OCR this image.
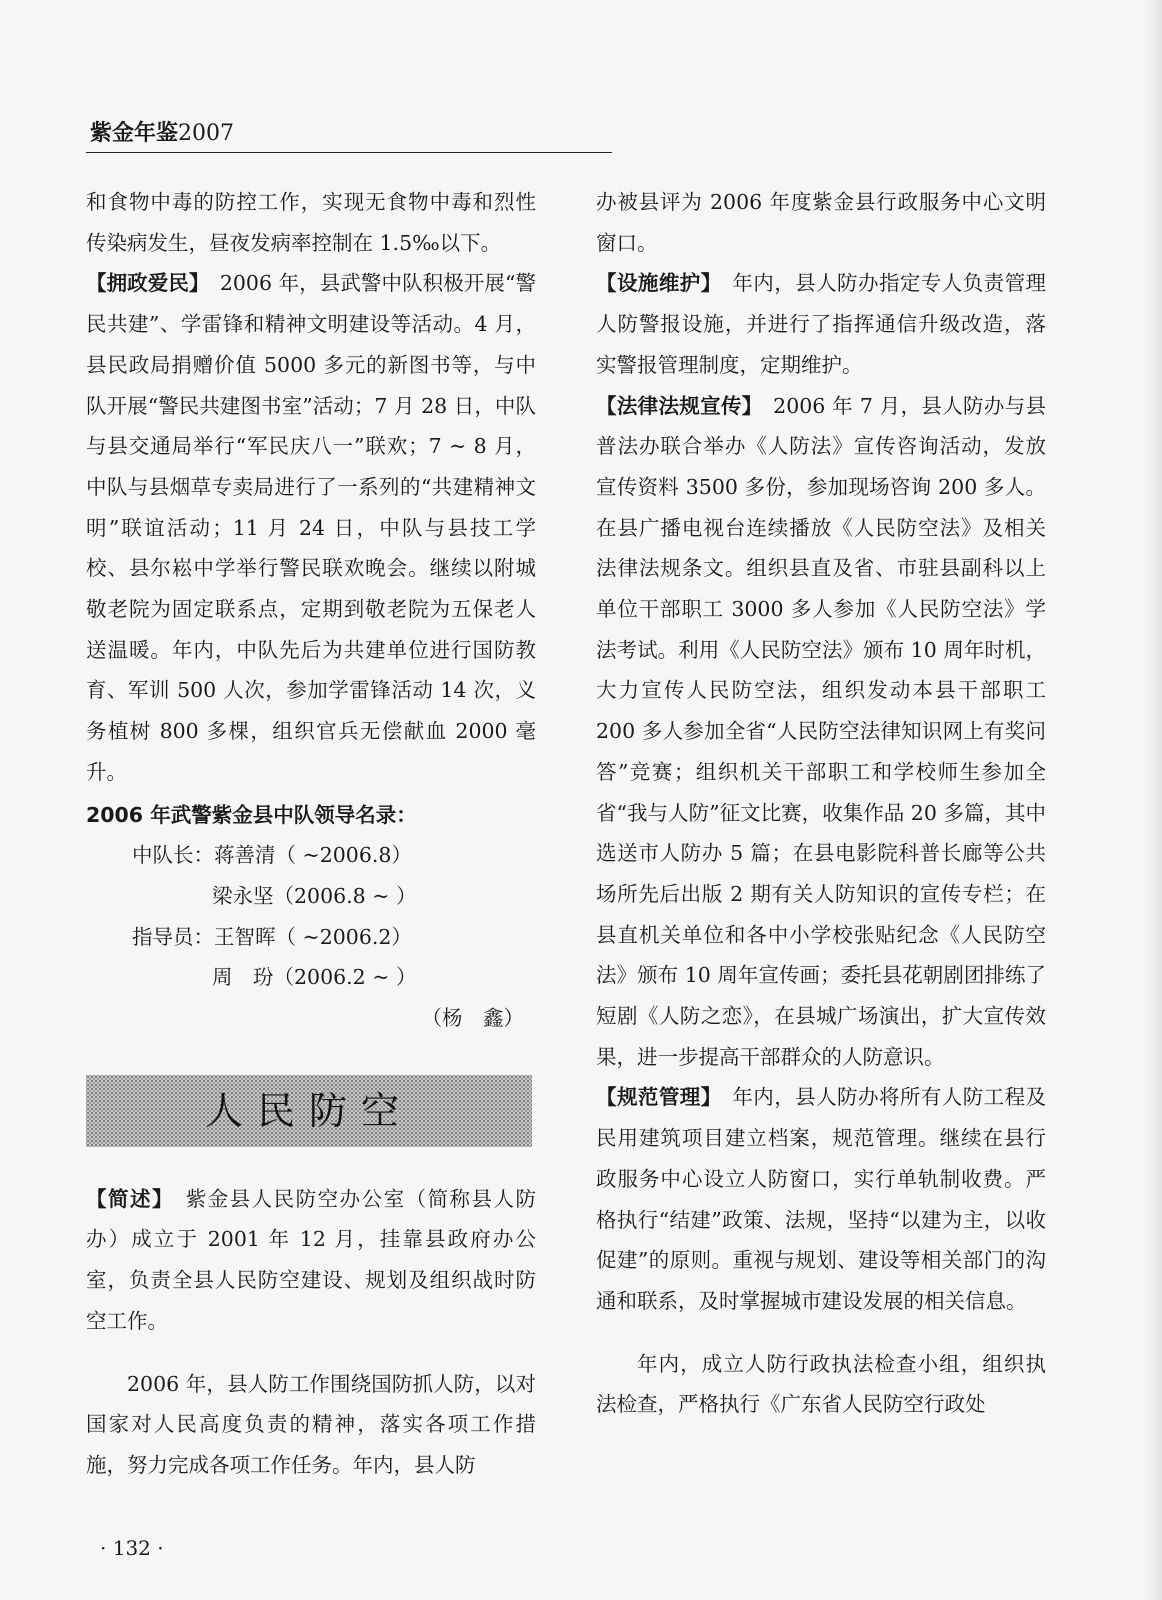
紫金年鉴2007

和食物中毒的防控工作，实现无食物中毒和烈性传染病发生，昼夜发病率控制在 1.5‰以下。

【拥政爱民】　 2006 年，县武警中队积极开展“警民共建”、学雷锋和精神文明建设等活动。4 月，县民政局捐赠价值 5000 多元的新图书等，与中队开展“警民共建图书室”活动；7 月 28 日，中队与县交通局举行“军民庆八一”联欢；7 ~ 8 月，中队与县烟草专卖局进行了一系列的“共建精神文明”联谊活动；11 月 24 日，中队与县技工学校、县尔崧中学举行警民联欢晚会。继续以附城敬老院为固定联系点，定期到敬老院为五保老人送温暖。年内，中队先后为共建单位进行国防教育、军训 500 人次，参加学雷锋活动 14 次，义务植树 800 多棵，组织官兵无偿献血 2000 毫升。

2006 年武警紫金县中队领导名录：

中队长：蒋善清（ ~2006.8）

梁永坚（2006.8 ~ ）

指导员：王智晖（ ~2006.2）

周　玢（2006.2 ~ ）

（杨　鑫）
人民防空

【简述】　 紫金县人民防空办公室（简称县人防办）成立于 2001 年 12 月，挂靠县政府办公室，负责全县人民防空建设、规划及组织战时防空工作。

2006 年，县人防工作围绕国防抓人防，以对国家对人民高度负责的精神，落实各项工作措施，努力完成各项工作任务。年内，县人防

办被县评为 2006 年度紫金县行政服务中心文明窗口。

【设施维护】　 年内，县人防办指定专人负责管理人防警报设施，并进行了指挥通信升级改造，落实警报管理制度，定期维护。

【法律法规宣传】　 2006 年 7 月，县人防办与县普法办联合举办《人防法》宣传咨询活动，发放宣传资料 3500 多份，参加现场咨询 200 多人。在县广播电视台连续播放《人民防空法》及相关法律法规条文。组织县直及省、市驻县副科以上单位干部职工 3000 多人参加《人民防空法》学法考试。利用《人民防空法》颁布 10 周年时机，大力宣传人民防空法，组织发动本县干部职工 200 多人参加全省“人民防空法律知识网上有奖问答”竞赛；组织机关干部职工和学校师生参加全省“我与人防”征文比赛，收集作品 20 多篇，其中选送市人防办 5 篇；在县电影院科普长廊等公共场所先后出版 2 期有关人防知识的宣传专栏；在县直机关单位和各中小学校张贴纪念《人民防空法》颁布 10 周年宣传画；委托县花朝剧团排练了短剧《人防之恋》，在县城广场演出，扩大宣传效果，进一步提高干部群众的人防意识。

【规范管理】　 年内，县人防办将所有人防工程及民用建筑项目建立档案，规范管理。继续在县行政服务中心设立人防窗口，实行单轨制收费。严格执行“结建”政策、法规，坚持“以建为主，以收促建”的原则。重视与规划、建设等相关部门的沟通和联系，及时掌握城市建设发展的相关信息。

年内，成立人防行政执法检查小组，组织执法检查，严格执行《广东省人民防空行政处

· 132 ·
